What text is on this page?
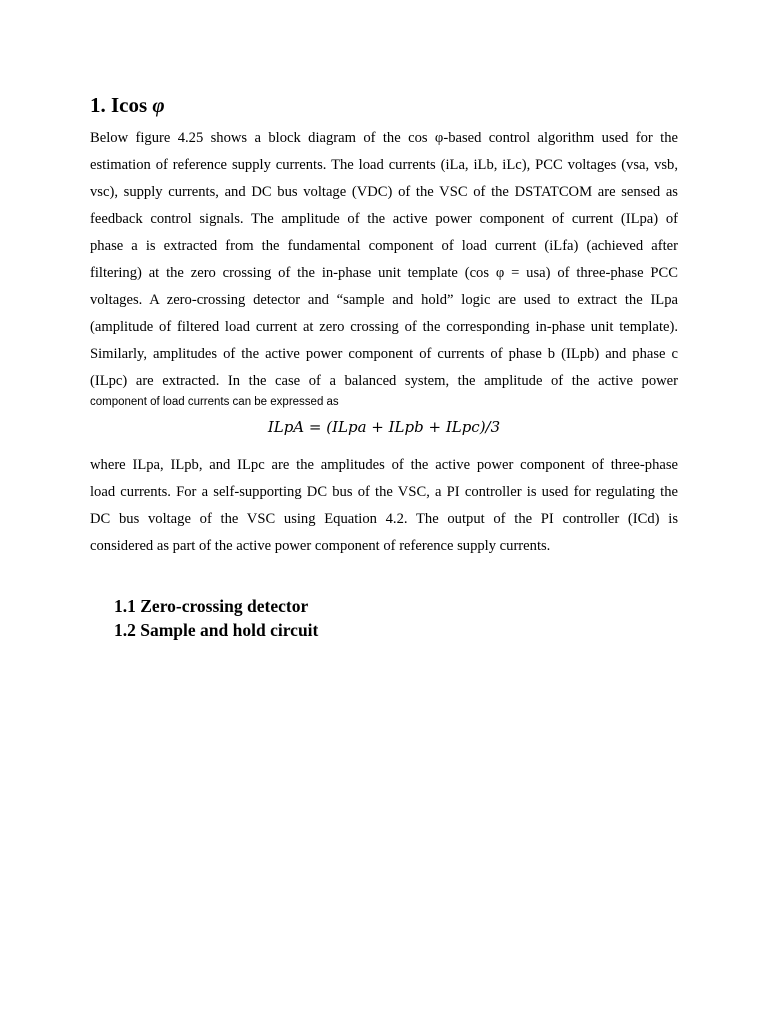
1. Icos φ
Below figure 4.25 shows a block diagram of the cos φ-based control algorithm used for the
estimation of reference supply currents. The load currents (iLa, iLb, iLc), PCC voltages (vsa, vsb,
vsc), supply currents, and DC bus voltage (VDC) of the VSC of the DSTATCOM are sensed as
feedback control signals. The amplitude of the active power component of current (ILpa) of
phase a is extracted from the fundamental component of load current (iLfa) (achieved after
filtering) at the zero crossing of the in-phase unit template (cos φ = usa) of three-phase PCC
voltages. A zero-crossing detector and “sample and hold” logic are used to extract the ILpa
(amplitude of filtered load current at zero crossing of the corresponding in-phase unit template).
Similarly, amplitudes of the active power component of currents of phase b (ILpb) and phase c
(ILpc) are extracted. In the case of a balanced system, the amplitude of the active power

component of load currents can be expressed as

ILpA = (ILpa + ILpb + ILpc)/3
where ILpa, ILpb, and ILpc are the amplitudes of the active power component of three-phase
load currents. For a self-supporting DC bus of the VSC, a PI controller is used for regulating the
DC bus voltage of the VSC using Equation 4.2. The output of the PI controller (ICd) is
considered as part of the active power component of reference supply currents.
1.1 Zero-crossing detector
1.2 Sample and hold circuit
